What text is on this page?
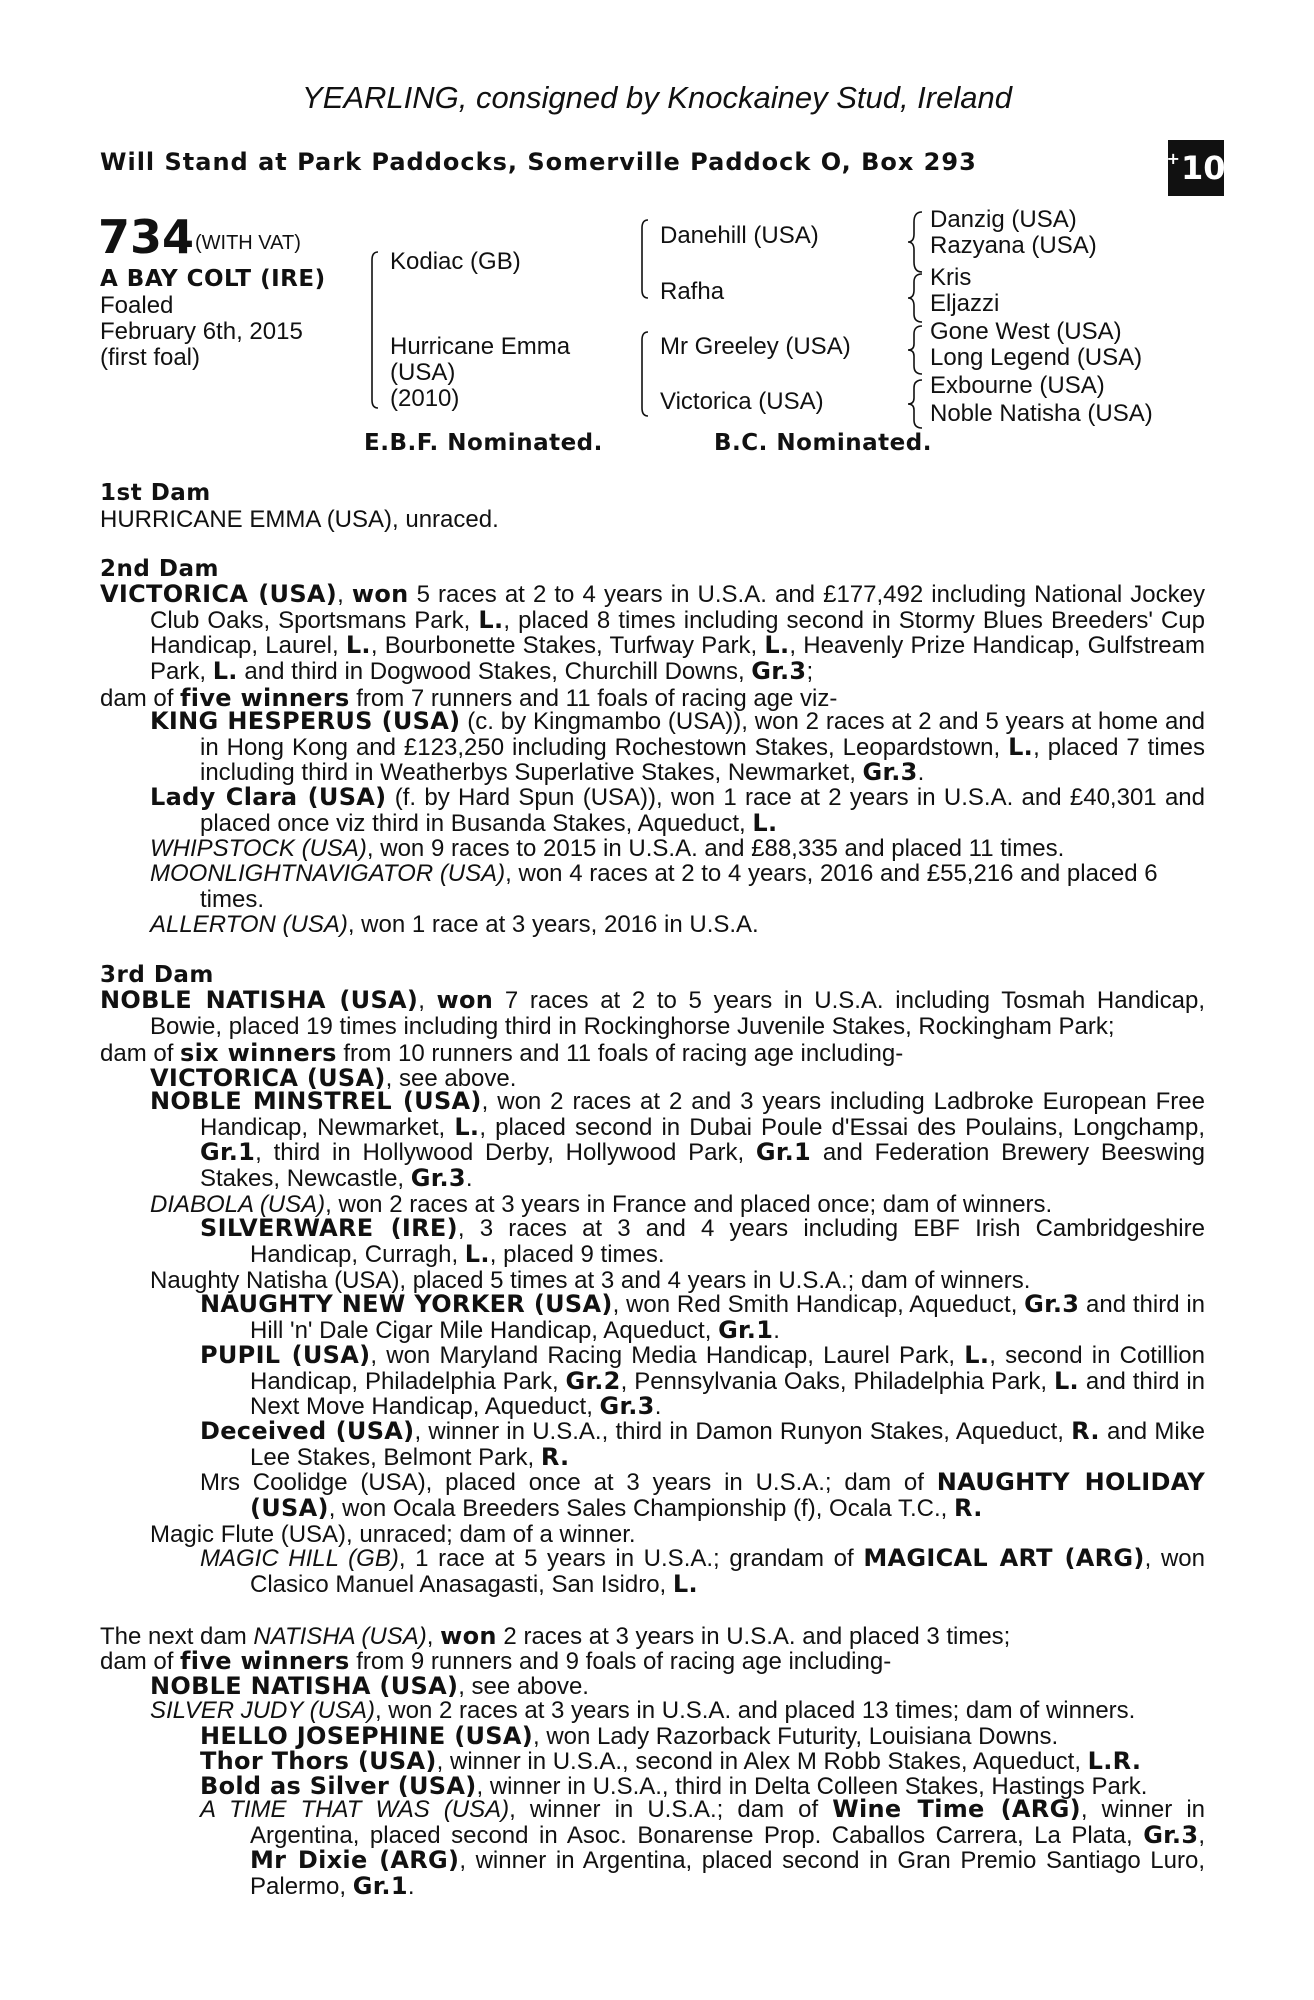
YEARLING, consigned by Knockainey Stud, Ireland
Will Stand at Park Paddocks, Somerville Paddock O, Box 293	+ 10
734 (WITH VAT)
A BAY COLT (IRE)
Foaled
February 6th, 2015
(first foal)
Kodiac (GB)
Hurricane Emma
(USA)
(2010)
Danehill (USA)
Rafha
Mr Greeley (USA)
Victorica (USA)
Danzig (USA)
Razyana (USA)
Kris
Eljazzi
Gone West (USA)
Long Legend (USA)
Exbourne (USA)
Noble Natisha (USA)
E.B.F. Nominated.	B.C. Nominated.
1st Dam
HURRICANE EMMA (USA), unraced.
2nd Dam
VICTORICA (USA), won 5 races at 2 to 4 years in U.S.A. and £177,492 including National Jockey Club Oaks, Sportsmans Park, L., placed 8 times including second in Stormy Blues Breeders' Cup Handicap, Laurel, L., Bourbonette Stakes, Turfway Park, L., Heavenly Prize Handicap, Gulfstream Park, L. and third in Dogwood Stakes, Churchill Downs, Gr.3;
dam of five winners from 7 runners and 11 foals of racing age viz-
KING HESPERUS (USA) (c. by Kingmambo (USA)), won 2 races at 2 and 5 years at home and in Hong Kong and £123,250 including Rochestown Stakes, Leopardstown, L., placed 7 times including third in Weatherbys Superlative Stakes, Newmarket, Gr.3.
Lady Clara (USA) (f. by Hard Spun (USA)), won 1 race at 2 years in U.S.A. and £40,301 and placed once viz third in Busanda Stakes, Aqueduct, L.
WHIPSTOCK (USA), won 9 races to 2015 in U.S.A. and £88,335 and placed 11 times.
MOONLIGHTNAVIGATOR (USA), won 4 races at 2 to 4 years, 2016 and £55,216 and placed 6 times.
ALLERTON (USA), won 1 race at 3 years, 2016 in U.S.A.
3rd Dam
NOBLE NATISHA (USA), won 7 races at 2 to 5 years in U.S.A. including Tosmah Handicap, Bowie, placed 19 times including third in Rockinghorse Juvenile Stakes, Rockingham Park;
dam of six winners from 10 runners and 11 foals of racing age including-
VICTORICA (USA), see above.
NOBLE MINSTREL (USA), won 2 races at 2 and 3 years including Ladbroke European Free Handicap, Newmarket, L., placed second in Dubai Poule d'Essai des Poulains, Longchamp, Gr.1, third in Hollywood Derby, Hollywood Park, Gr.1 and Federation Brewery Beeswing Stakes, Newcastle, Gr.3.
DIABOLA (USA), won 2 races at 3 years in France and placed once; dam of winners.
SILVERWARE (IRE), 3 races at 3 and 4 years including EBF Irish Cambridgeshire Handicap, Curragh, L., placed 9 times.
Naughty Natisha (USA), placed 5 times at 3 and 4 years in U.S.A.; dam of winners.
NAUGHTY NEW YORKER (USA), won Red Smith Handicap, Aqueduct, Gr.3 and third in Hill 'n' Dale Cigar Mile Handicap, Aqueduct, Gr.1.
PUPIL (USA), won Maryland Racing Media Handicap, Laurel Park, L., second in Cotillion Handicap, Philadelphia Park, Gr.2, Pennsylvania Oaks, Philadelphia Park, L. and third in Next Move Handicap, Aqueduct, Gr.3.
Deceived (USA), winner in U.S.A., third in Damon Runyon Stakes, Aqueduct, R. and Mike Lee Stakes, Belmont Park, R.
Mrs Coolidge (USA), placed once at 3 years in U.S.A.; dam of NAUGHTY HOLIDAY (USA), won Ocala Breeders Sales Championship (f), Ocala T.C., R.
Magic Flute (USA), unraced; dam of a winner.
MAGIC HILL (GB), 1 race at 5 years in U.S.A.; grandam of MAGICAL ART (ARG), won Clasico Manuel Anasagasti, San Isidro, L.
The next dam NATISHA (USA), won 2 races at 3 years in U.S.A. and placed 3 times;
dam of five winners from 9 runners and 9 foals of racing age including-
NOBLE NATISHA (USA), see above.
SILVER JUDY (USA), won 2 races at 3 years in U.S.A. and placed 13 times; dam of winners.
HELLO JOSEPHINE (USA), won Lady Razorback Futurity, Louisiana Downs.
Thor Thors (USA), winner in U.S.A., second in Alex M Robb Stakes, Aqueduct, L.R.
Bold as Silver (USA), winner in U.S.A., third in Delta Colleen Stakes, Hastings Park.
A TIME THAT WAS (USA), winner in U.S.A.; dam of Wine Time (ARG), winner in Argentina, placed second in Asoc. Bonarense Prop. Caballos Carrera, La Plata, Gr.3, Mr Dixie (ARG), winner in Argentina, placed second in Gran Premio Santiago Luro, Palermo, Gr.1.
